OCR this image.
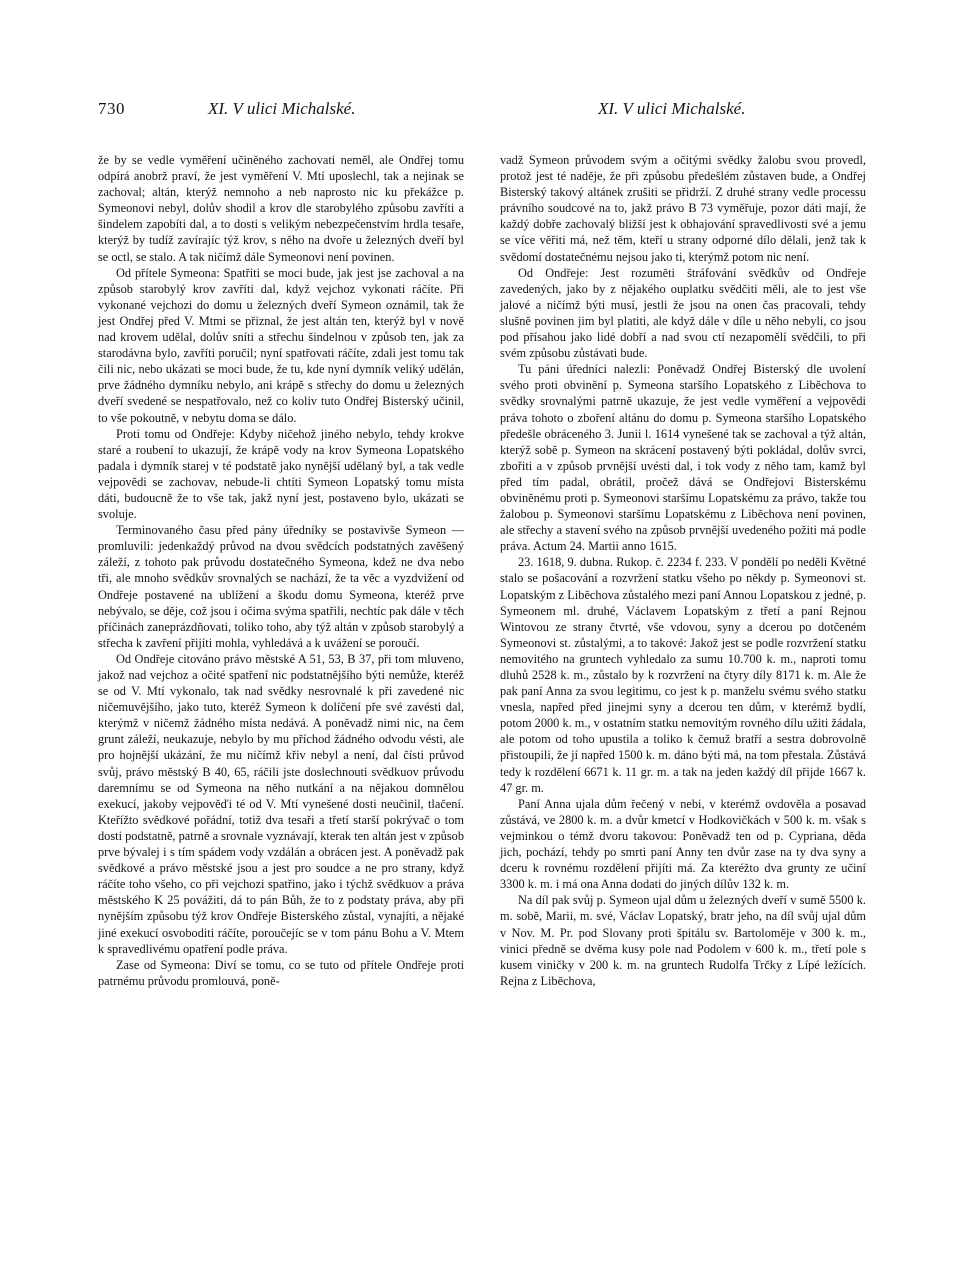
730	XI. V ulici Michalské.	XI. V ulici Michalské.

že by se vedle vyměření učiněného zachovati neměl, ale Ondřej tomu odpírá anobrž praví, že jest vyměření V. Mtí uposlechl, tak a nejinak se zachoval; altán, kterýž nemnoho a neb naprosto nic ku překážce p. Symeonovi nebyl, dolův shodil a krov dle starobylého způsobu zavříti a šindelem zapobíti dal, a to dosti s velikým nebezpečenstvím hrdla tesaře, kterýž by tudíž zavírajíc týž krov, s něho na dvoře u železných dveří byl se octl, se stalo. A tak ničímž dále Symeonovi není povinen.

Od přítele Symeona: Spatřiti se moci bude, jak jest jse zachoval a na způsob starobylý krov zavříti dal, když vejchoz vykonati ráčíte. Při vykonané vejchozi do domu u železných dveří Symeon oznámil, tak že jest Ondřej před V. Mtmi se přiznal, že jest altán ten, kterýž byl v nově nad krovem udělal, dolův sníti a střechu šindelnou v způsob ten, jak za starodávna bylo, zavříti poručil; nyní spatřovati ráčíte, zdali jest tomu tak čili nic, nebo ukázati se moci bude, že tu, kde nyní dymník veliký udělán, prve žádného dymníku nebylo, ani krápě s střechy do domu u železných dveří svedené se nespatřovalo, než co koliv tuto Ondřej Bisterský učinil, to vše pokoutně, v nebytu doma se dálo.

Proti tomu od Ondřeje: Kdyby ničehož jiného nebylo, tehdy krokve staré a roubení to ukazují, že krápě vody na krov Symeona Lopatského padala i dymník starej v té podstatě jako nynější udělaný byl, a tak vedle vejpovědi se zachovav, nebude-li chtíti Symeon Lopatský tomu místa dáti, budoucně že to vše tak, jakž nyní jest, postaveno bylo, ukázati se svoluje.

Terminovaného času před pány úředníky se postavivše Symeon — promluvili: jedenkaždý průvod na dvou svědcích podstatných zavěšený záleží, z tohoto pak průvodu dostatečného Symeona, kdež ne dva nebo tři, ale mnoho svědkův srovnalých se nachází, že ta věc a vyzdvižení od Ondřeje postavené na ublížení a škodu domu Symeona, kteréž prve nebývalo, se děje, což jsou i očima svýma spatřili, nechtíc pak dále v těch příčinách zaneprázdňovati, toliko toho, aby týž altán v způsob starobylý a střecha k zavření přijíti mohla, vyhledává a k uvážení se poroučí.

Od Ondřeje citováno právo městské A 51, 53, B 37, při tom mluveno, jakož nad vejchoz a očité spatření nic podstatnějšího býti nemůže, kteréž se od V. Mtí vykonalo, tak nad svědky nesrovnalé k při zavedené nic ničemuvějšího, jako tuto, kteréž Symeon k dolíčení pře své zavésti dal, kterýmž v ničemž žádného místa nedává. A poněvadž nimi nic, na čem grunt záleží, neukazuje, nebylo by mu příchod žádného odvodu vésti, ale pro hojnější ukázání, že mu ničímž křiv nebyl a není, dal čísti průvod svůj, právo městský B 40, 65, ráčili jste doslechnouti svědkuov průvodu daremnímu se od Symeona na něho nutkání a na nějakou domnělou exekucí, jakoby vejpověďi té od V. Mtí vynešené dosti neučinil, tlačení. Kteřížto svědkové pořádní, totiž dva tesaři a třetí starší pokrývač o tom dosti podstatně, patrně a srovnale vyznávají, kterak ten altán jest v způsob prve bývalej i s tím spádem vody vzdálán a obrácen jest. A poněvadž pak svědkové a právo městské jsou a jest pro soudce a ne pro strany, když ráčíte toho všeho, co při vejchozi spatřino, jako i týchž svědkuov a práva městského K 25 povážiti, dá to pán Bůh, že to z podstaty práva, aby při nynějším způsobu týž krov Ondřeje Bisterského zůstal, vynajíti, a nějaké jiné exekucí osvoboditi ráčíte, poroučejíc se v tom pánu Bohu a V. Mtem k spravedlivému opatření podle práva.

Zase od Symeona: Diví se tomu, co se tuto od přítele Ondřeje proti patrnému průvodu promlouvá, poně-

vadž Symeon průvodem svým a očitými svědky žalobu svou provedl, protož jest té naděje, že při způsobu předešlém zůstaven bude, a Ondřej Bisterský takový altánek zrušiti se přidrží. Z druhé strany vedle processu právního soudcové na to, jakž právo B 73 vyměřuje, pozor dáti mají, že každý dobře zachovalý bližší jest k obhajování spravedlivosti své a jemu se více věřiti má, než těm, kteří u strany odporné dílo dělali, jenž tak k svědomí dostatečnému nejsou jako ti, kterýmž potom nic není.

Od Ondřeje: Jest rozuměti štráfování svědkův od Ondřeje zavedených, jako by z nějakého ouplatku svědčiti měli, ale to jest vše jalové a ničímž býti musí, jestli že jsou na onen čas pracovali, tehdy slušně povinen jim byl platiti, ale když dále v díle u něho nebyli, co jsou pod přísahou jako lidé dobří a nad svou ctí nezapomělí svědčili, to při svém způsobu zůstávati bude.

Tu páni úředníci nalezli: Poněvadž Ondřej Bisterský dle uvolení svého proti obvinění p. Symeona staršího Lopatského z Liběchova to svědky srovnalými patrně ukazuje, že jest vedle vyměření a vejpovědi práva tohoto o zboření altánu do domu p. Symeona staršího Lopatského předešle obráceného 3. Junii l. 1614 vynešené tak se zachoval a týž altán, kterýž sobě p. Symeon na skrácení postavený býti pokládal, dolův svrci, zbořiti a v způsob prvnější uvésti dal, i tok vody z něho tam, kamž byl před tím padal, obrátil, pročež dává se Ondřejovi Bisterskému obviněnému proti p. Symeonovi staršímu Lopatskému za právo, takže tou žalobou p. Symeonovi staršímu Lopatskému z Liběchova není povinen, ale střechy a stavení svého na způsob prvnější uvedeného požiti má podle práva. Actum 24. Martii anno 1615.

23. 1618, 9. dubna. Rukop. č. 2234 f. 233. V pondělí po neděli Květné stalo se pošacování a rozvržení statku všeho po někdy p. Symeonovi st. Lopatským z Liběchova zůstalého mezi paní Annou Lopatskou z jedné, p. Symeonem ml. druhé, Václavem Lopatským z třetí a paní Rejnou Wintovou ze strany čtvrté, vše vdovou, syny a dcerou po dotčeném Symeonovi st. zůstalými, a to takové: Jakož jest se podle rozvržení statku nemovitého na gruntech vyhledalo za sumu 10.700 k. m., naproti tomu dluhů 2528 k. m., zůstalo by k rozvržení na čtyry díly 8171 k. m. Ale že pak paní Anna za svou legitimu, co jest k p. manželu svému svého statku vnesla, napřed před jinejmi syny a dcerou ten dům, v kterémž bydlí, potom 2000 k. m., v ostatním statku nemovitým rovného dílu užiti žádala, ale potom od toho upustila a toliko k čemuž bratří a sestra dobrovolně přistoupili, že jí napřed 1500 k. m. dáno býti má, na tom přestala. Zůstává tedy k rozdělení 6671 k. 11 gr. m. a tak na jeden každý díl přijde 1667 k. 47 gr. m.

Paní Anna ujala dům řečený v nebi, v kterémž ovdověla a posavad zůstává, ve 2800 k. m. a dvůr kmetcí v Hodkovičkách v 500 k. m. však s vejminkou o témž dvoru takovou: Poněvadž ten od p. Cypriana, děda jich, pochází, tehdy po smrti paní Anny ten dvůr zase na ty dva syny a dceru k rovnému rozdělení přijíti má. Za kteréžto dva grunty ze učiní 3300 k. m. i má ona Anna dodati do jiných dílův 132 k. m.

Na díl pak svůj p. Symeon ujal dům u železných dveří v sumě 5500 k. m. sobě, Marii, m. své, Václav Lopatský, bratr jeho, na díl svůj ujal dům v Nov. M. Pr. pod Slovany proti špitálu sv. Bartoloměje v 300 k. m., vinici předně se dvěma kusy pole nad Podolem v 600 k. m., třetí pole s kusem viničky v 200 k. m. na gruntech Rudolfa Trčky z Lípé ležících. Rejna z Liběchova,
